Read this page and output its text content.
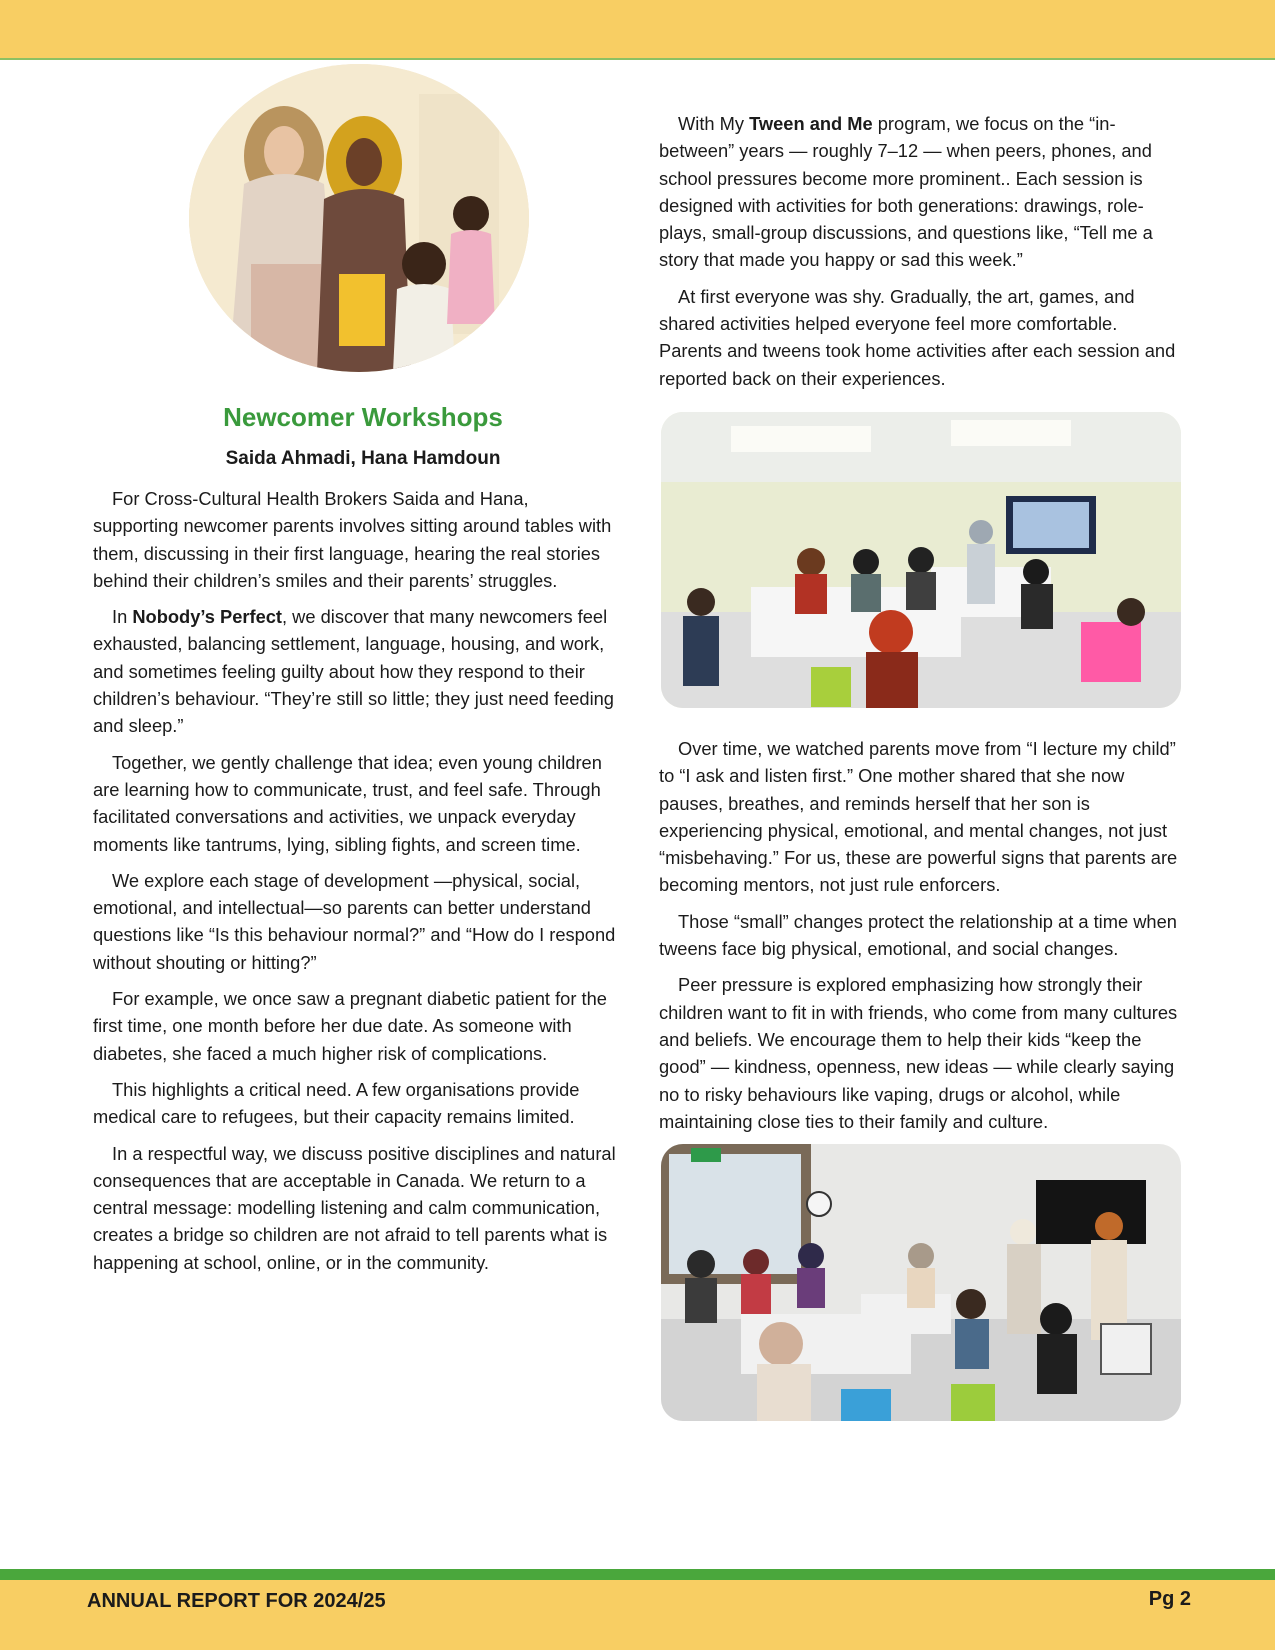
Newcomer Workshops
Saida Ahmadi, Hana Hamdoun

For Cross-Cultural Health Brokers Saida and Hana, supporting newcomer parents involves sitting around tables with them, discussing in their first language, hearing the real stories behind their children’s smiles and their parents’ struggles.

In Nobody’s Perfect, we discover that many newcomers feel exhausted, balancing settlement, language, housing, and work, and sometimes feeling guilty about how they respond to their children’s behaviour. “They’re still so little; they just need feeding and sleep.”

Together, we gently challenge that idea; even young children are learning how to communicate, trust, and feel safe. Through facilitated conversations and activities, we unpack everyday moments like tantrums, lying, sibling fights, and screen time.

We explore each stage of development —physical, social, emotional, and intellectual—so parents can better understand questions like “Is this behaviour normal?” and “How do I respond without shouting or hitting?”

For example, we once saw a pregnant diabetic patient for the first time, one month before her due date. As someone with diabetes, she faced a much higher risk of complications.

This highlights a critical need. A few organisations provide medical care to refugees, but their capacity remains limited.

In a respectful way, we discuss positive disciplines and natural consequences that are acceptable in Canada. We return to a central message: modelling listening and calm communication, creates a bridge so children are not afraid to tell parents what is happening at school, online, or in the community.

With My Tween and Me program, we focus on the “in-between” years — roughly 7–12 — when peers, phones, and school pressures become more prominent.. Each session is designed with activities for both generations: drawings, role-plays, small-group discussions, and questions like, “Tell me a story that made you happy or sad this week.”

At first everyone was shy. Gradually, the art, games, and shared activities helped everyone feel more comfortable. Parents and tweens took home activities after each session and reported back on their experiences.

Over time, we watched parents move from “I lecture my child” to “I ask and listen first.” One mother shared that she now pauses, breathes, and reminds herself that her son is experiencing physical, emotional, and mental changes, not just “misbehaving.” For us, these are powerful signs that parents are becoming mentors, not just rule enforcers.

Those “small” changes protect the relationship at a time when tweens face big physical, emotional, and social changes.

Peer pressure is explored emphasizing how strongly their children want to fit in with friends, who come from many cultures and beliefs. We encourage them to help their kids “keep the good” — kindness, openness, new ideas — while clearly saying no to risky behaviours like vaping, drugs or alcohol, while maintaining close ties to their family and culture.

ANNUAL REPORT FOR 2024/25	Pg 2
